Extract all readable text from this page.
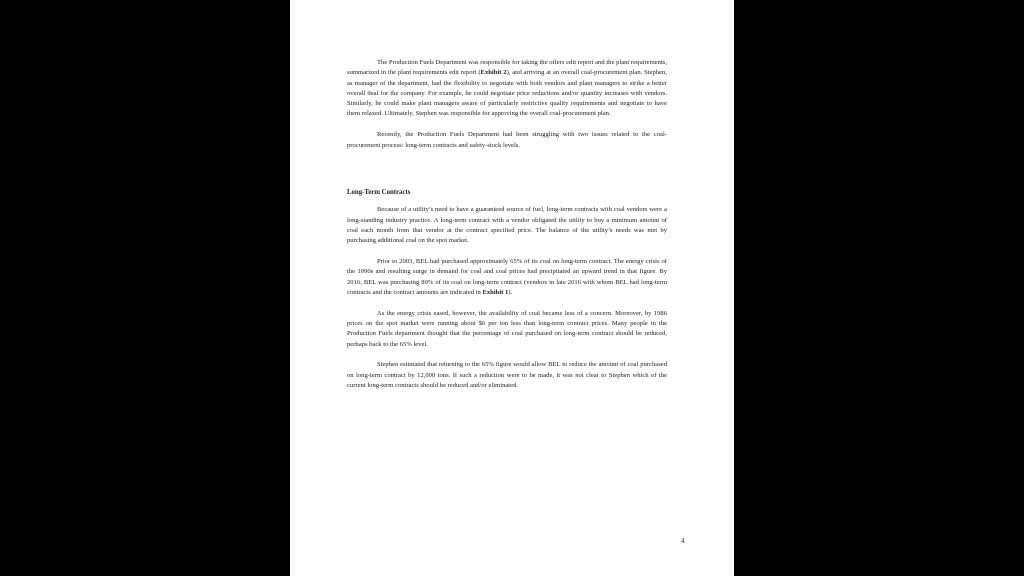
The Production Fuels Department was responsible for taking the offers edit report and the plant requirements, summarized in the plant requirements edit report (Exhibit 2), and arriving at an overall coal-procurement plan. Stephen, as manager of the department, had the flexibility to negotiate with both vendors and plant managers to strike a better overall deal for the company. For example, he could negotiate price reductions and/or quantity increases with vendors. Similarly, he could make plant managers aware of particularly restrictive quality requirements and negotiate to have them relaxed. Ultimately, Stephen was responsible for approving the overall coal-procurement plan.

Recently, the Production Fuels Department had been struggling with two issues related to the coal-procurement process: long-term contracts and safety-stock levels.

Long-Term Contracts

Because of a utility’s need to have a guaranteed source of fuel, long-term contracts with coal vendors were a long-standing industry practice. A long-term contract with a vendor obligated the utility to buy a minimum amount of coal each month from that vendor at the contract specified price. The balance of the utility’s needs was met by purchasing additional coal on the spot market.

Prior to 2003, BEL had purchased approximately 65% of its coal on long-term contract. The energy crisis of the 1990s and resulting surge in demand for coal and coal prices had precipitated an upward trend in that figure. By 2016, BEL was purchasing 80% of its coal on long-term contract (vendors in late 2016 with whom BEL had long-term contracts and the contract amounts are indicated in Exhibit 1).

As the energy crisis eased, however, the availability of coal became less of a concern. Moreover, by 1986 prices on the spot market were running about $6 per ton less than long-term contract prices. Many people in the Production Fuels department thought that the percentage of coal purchased on long-term contract should be reduced, perhaps back to the 65% level.

Stephen estimated that returning to the 65% figure would allow BEL to reduce the amount of coal purchased on long-term contract by 12,000 tons. If such a reduction were to be made, it was not clear to Stephen which of the current long-term contracts should be reduced and/or eliminated.

4
